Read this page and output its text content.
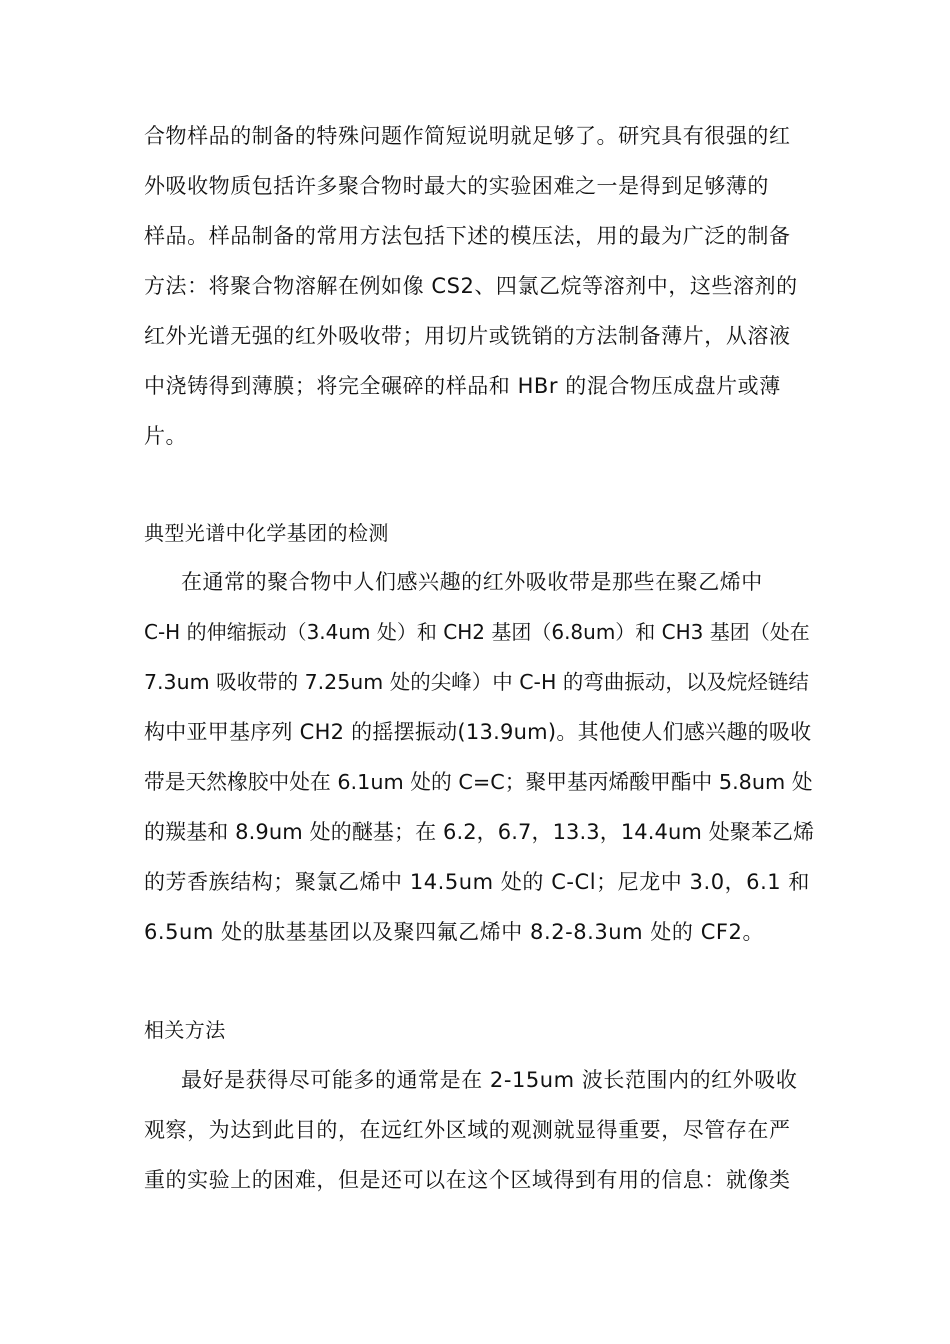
合物样品的制备的特殊问题作简短说明就足够了。研究具有很强的红
外吸收物质包括许多聚合物时最大的实验困难之一是得到足够薄的
样品。样品制备的常用方法包括下述的模压法，用的最为广泛的制备
方法：将聚合物溶解在例如像 CS2、四氯乙烷等溶剂中，这些溶剂的
红外光谱无强的红外吸收带；用切片或铣销的方法制备薄片，从溶液
中浇铸得到薄膜；将完全碾碎的样品和 HBr 的混合物压成盘片或薄
片。
典型光谱中化学基团的检测
在通常的聚合物中人们感兴趣的红外吸收带是那些在聚乙烯中
C-H 的伸缩振动（3.4um 处）和 CH2 基团（6.8um）和 CH3 基团（处在
7.3um 吸收带的 7.25um 处的尖峰）中 C-H 的弯曲振动，以及烷烃链结
构中亚甲基序列 CH2 的摇摆振动(13.9um)。其他使人们感兴趣的吸收
带是天然橡胶中处在 6.1um 处的 C=C；聚甲基丙烯酸甲酯中 5.8um 处
的羰基和 8.9um 处的醚基；在 6.2，6.7，13.3，14.4um 处聚苯乙烯
的芳香族结构；聚氯乙烯中 14.5um 处的 C-Cl；尼龙中 3.0，6.1 和
6.5um 处的肽基基团以及聚四氟乙烯中 8.2-8.3um 处的 CF2。
相关方法
最好是获得尽可能多的通常是在 2-15um 波长范围内的红外吸收
观察，为达到此目的，在远红外区域的观测就显得重要，尽管存在严
重的实验上的困难，但是还可以在这个区域得到有用的信息：就像类
